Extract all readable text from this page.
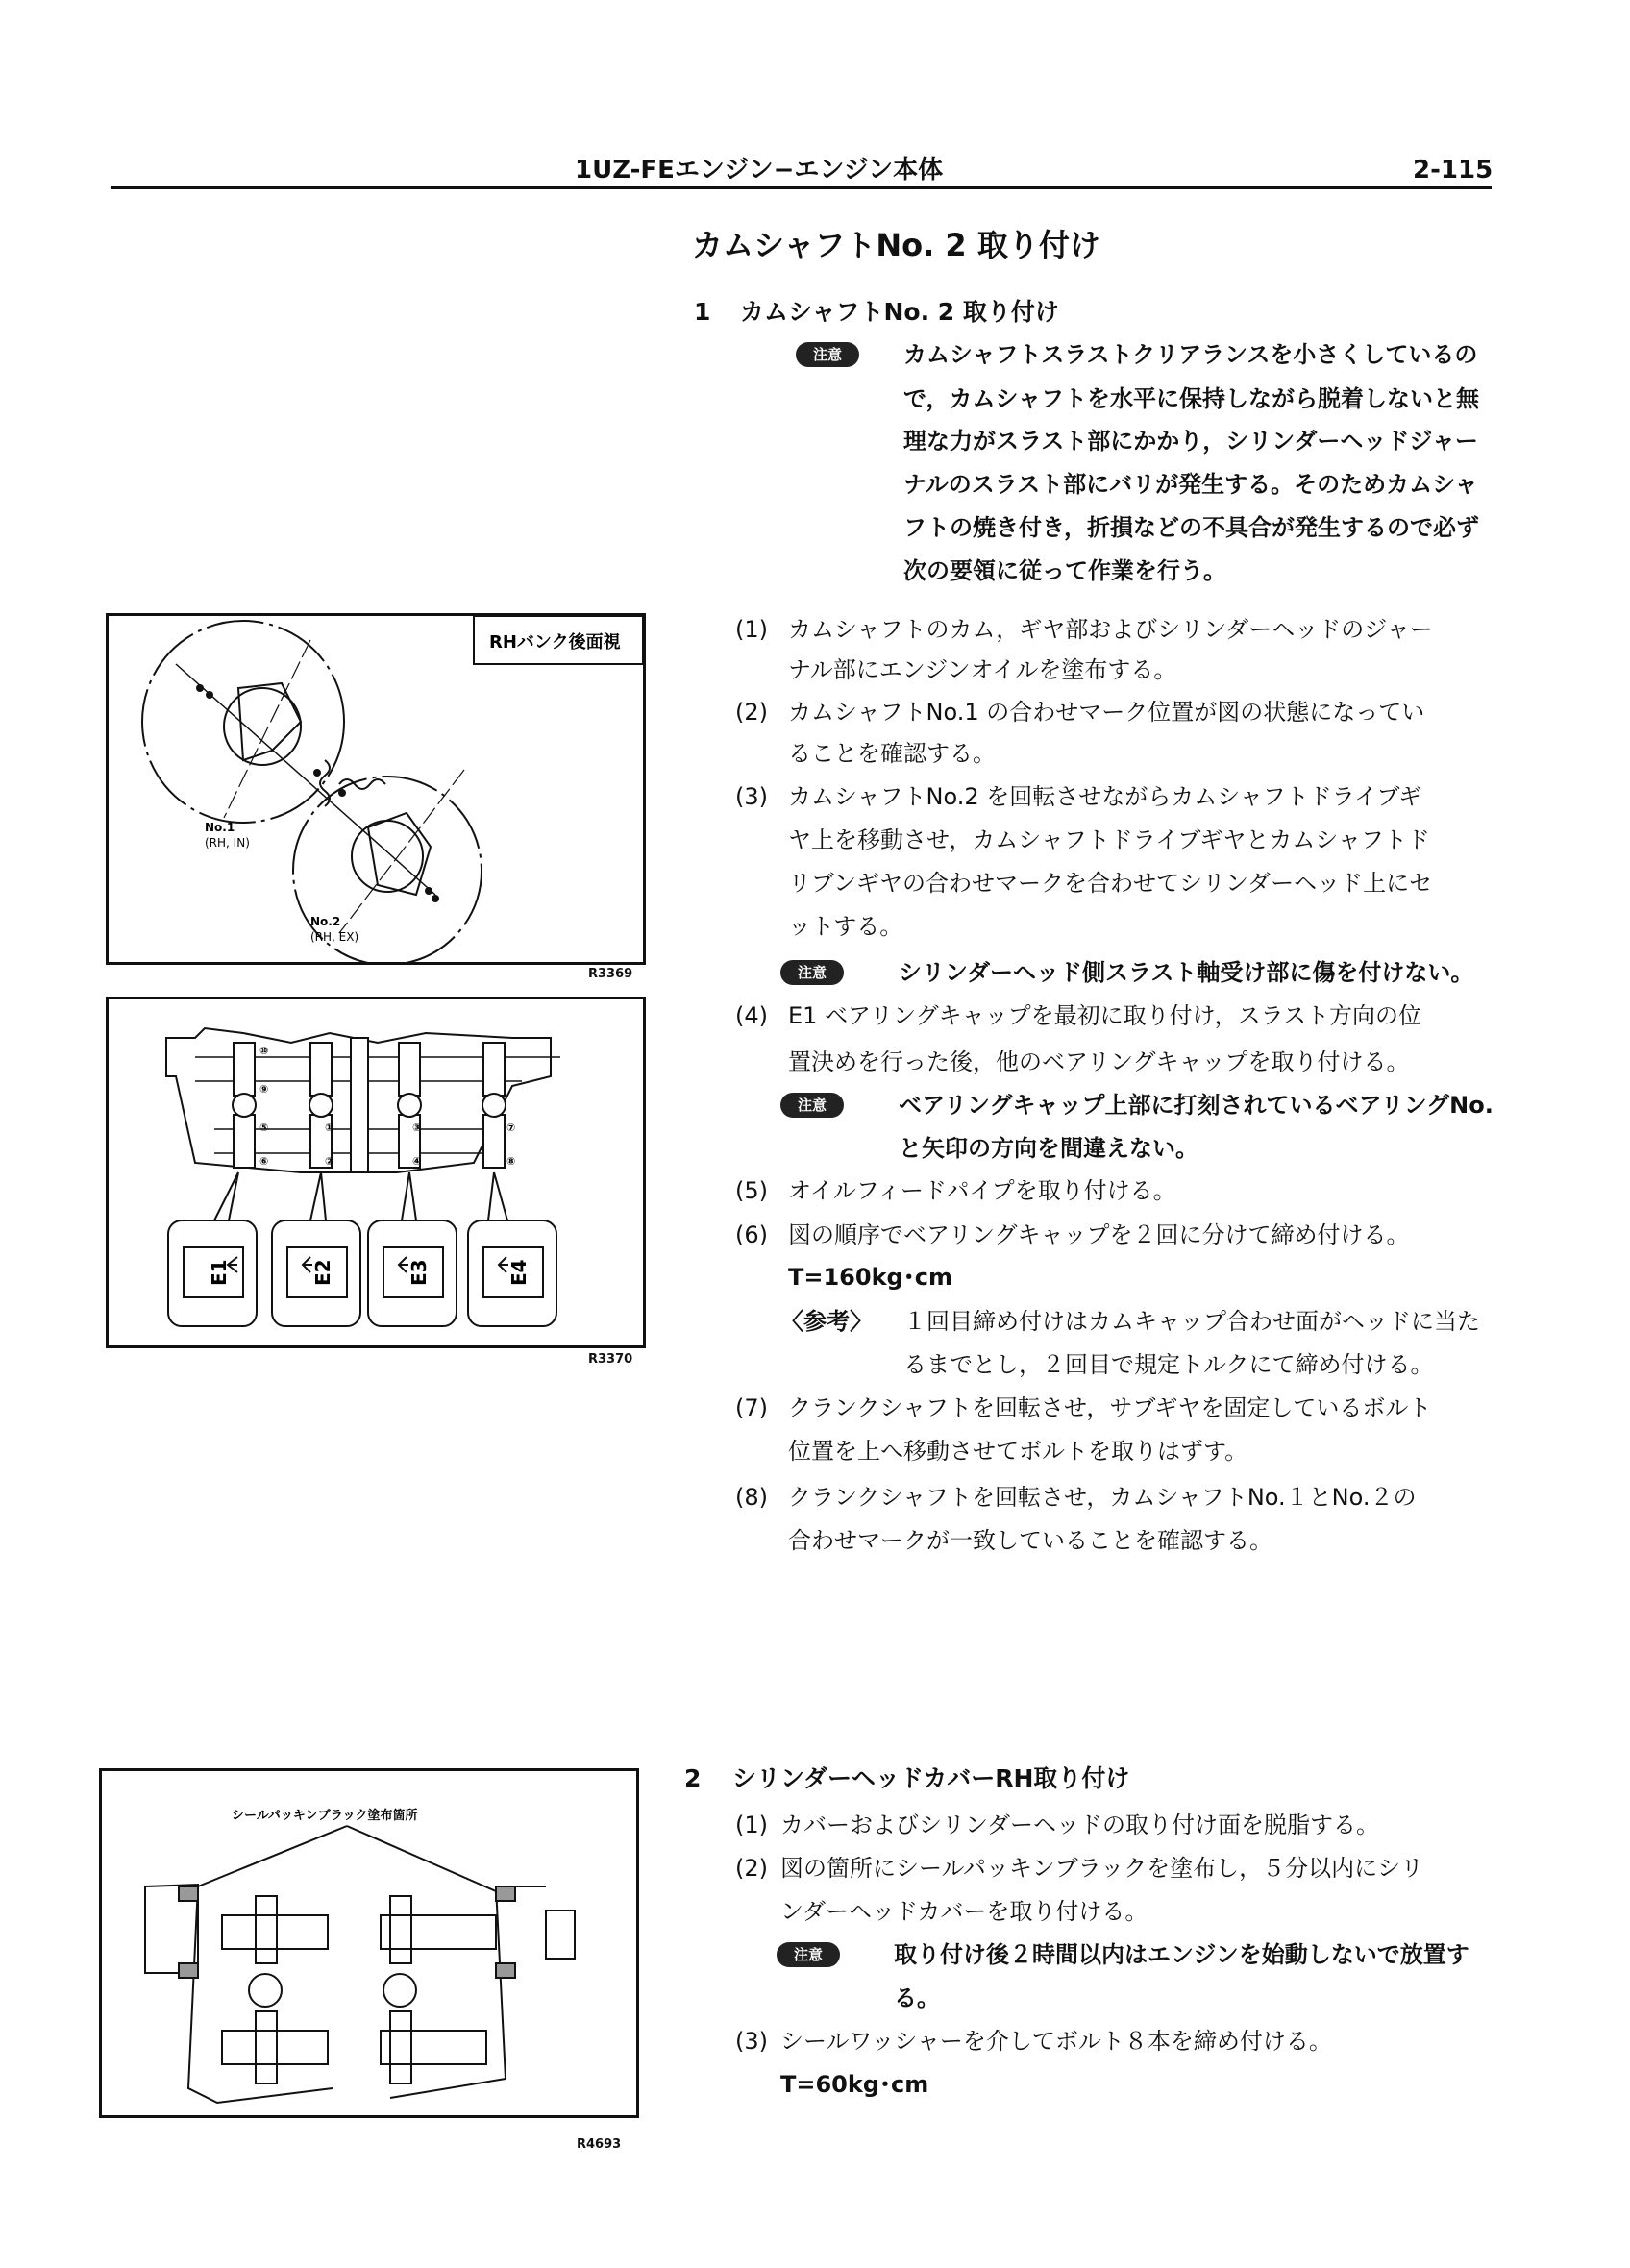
1UZ-FEエンジン−エンジン本体	2-115
カムシャフトNo. 2 取り付け
1 カムシャフトNo. 2 取り付け
注意	カムシャフトスラストクリアランスを小さくしているの
で，カムシャフトを水平に保持しながら脱着しないと無
理な力がスラスト部にかかり，シリンダーヘッドジャー
ナルのスラスト部にバリが発生する。そのためカムシャ
フトの焼き付き，折損などの不具合が発生するので必ず
次の要領に従って作業を行う。
(1) カムシャフトのカム，ギヤ部およびシリンダーヘッドのジャー
ナル部にエンジンオイルを塗布する。
(2) カムシャフトNo.1 の合わせマーク位置が図の状態になってい
ることを確認する。
(3) カムシャフトNo.2 を回転させながらカムシャフトドライブギ
ヤ上を移動させ，カムシャフトドライブギヤとカムシャフトド
リブンギヤの合わせマークを合わせてシリンダーヘッド上にセ
ットする。
注意	シリンダーヘッド側スラスト軸受け部に傷を付けない。
(4) E1 ベアリングキャップを最初に取り付け，スラスト方向の位
置決めを行った後，他のベアリングキャップを取り付ける。
注意	ベアリングキャップ上部に打刻されているベアリングNo.
と矢印の方向を間違えない。
(5) オイルフィードパイプを取り付ける。
(6) 図の順序でベアリングキャップを２回に分けて締め付ける。
T=160kg･cm
〈参考〉 １回目締め付けはカムキャップ合わせ面がヘッドに当た
るまでとし，２回目で規定トルクにて締め付ける。
(7) クランクシャフトを回転させ，サブギヤを固定しているボルト
位置を上へ移動させてボルトを取りはずす。
(8) クランクシャフトを回転させ，カムシャフトNo.１とNo.２の
合わせマークが一致していることを確認する。
2 シリンダーヘッドカバーRH取り付け
(1) カバーおよびシリンダーヘッドの取り付け面を脱脂する。
(2) 図の箇所にシールパッキンブラックを塗布し，５分以内にシリ
ンダーヘッドカバーを取り付ける。
注意	取り付け後２時間以内はエンジンを始動しないで放置す
る。
(3) シールワッシャーを介してボルト８本を締め付ける。
T=60kg･cm
RHバンク後面視
No.1
(RH, IN)
No.2
(RH, EX)
R3369
①
②
③
④
⑤
⑥
⑦
⑧
⑨
⑩
E1	E2	E3	E4
R3370
シールパッキンブラック塗布箇所
R4693
